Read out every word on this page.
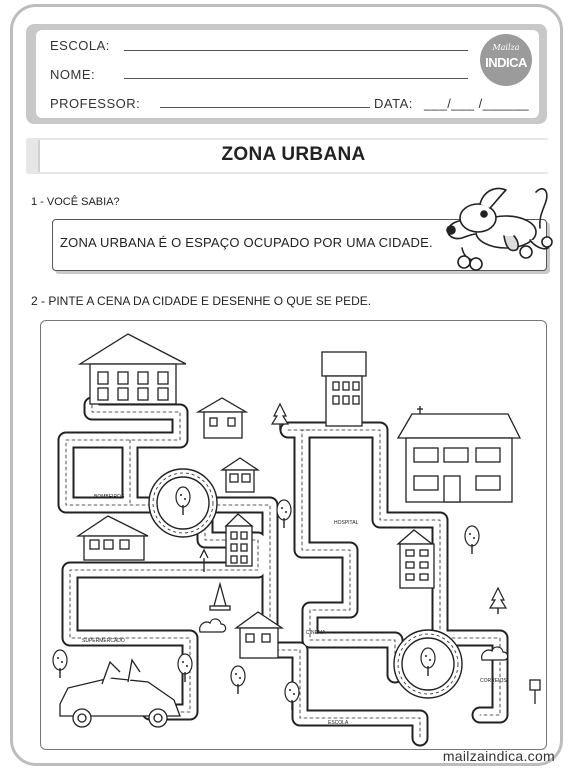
ESCOLA:
NOME:
PROFESSOR:	DATA: ___/___ /______
Mailza
INDICA
ZONA URBANA
1 - VOCÊ SABIA?
ZONA URBANA É O ESPAÇO OCUPADO POR UMA CIDADE.
2 - PINTE A CENA DA CIDADE E DESENHE O QUE SE PEDE.
BOMBEIROS
HOSPITAL
SUPERMERCADO
CINEMA
CORREIOS
ESCOLA
mailzaindica.com
